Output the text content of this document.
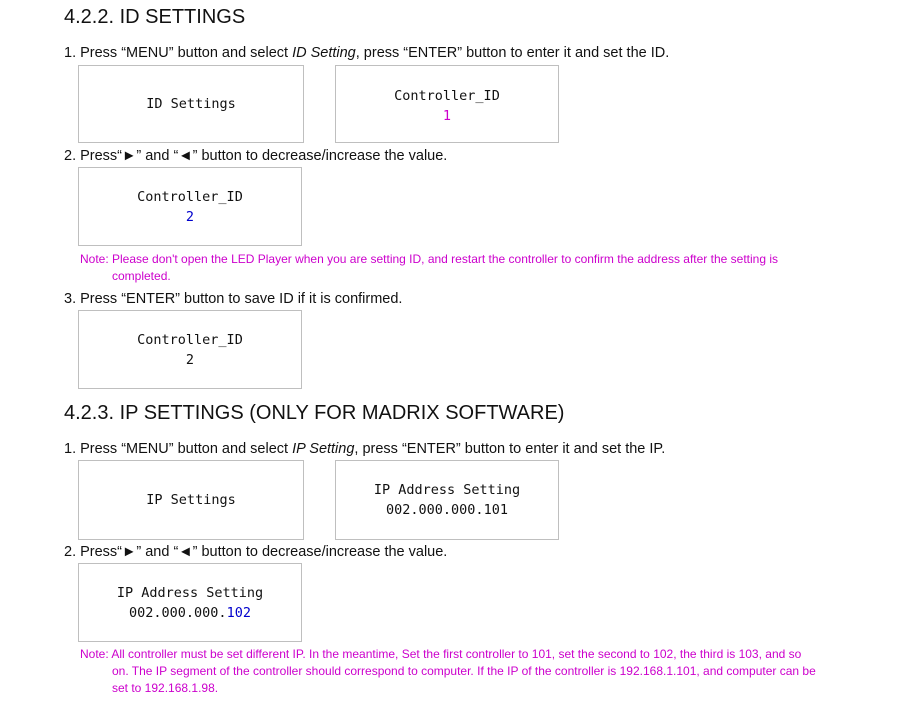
4.2.2. ID SETTINGS
1. Press “MENU” button and select ID Setting, press “ENTER” button to enter it and set the ID.
ID Settings	Controller_ID
1
2. Press“►” and “◄” button to decrease/increase the value.
Controller_ID
2
Note: Please don't open the LED Player when you are setting ID, and restart the controller to confirm the address after the setting is
completed.
3. Press “ENTER” button to save ID if it is confirmed.
Controller_ID
2
4.2.3. IP SETTINGS (ONLY FOR MADRIX SOFTWARE)
1. Press “MENU” button and select IP Setting, press “ENTER” button to enter it and set the IP.
IP Settings
IP Address Setting
002.000.000.101
2. Press“►” and “◄” button to decrease/increase the value.
IP Address Setting
002.000.000.102
Note: All controller must be set different IP. In the meantime, Set the first controller to 101, set the second to 102, the third is 103, and so
on. The IP segment of the controller should correspond to computer. If the IP of the controller is 192.168.1.101, and computer can be
set to 192.168.1.98.
